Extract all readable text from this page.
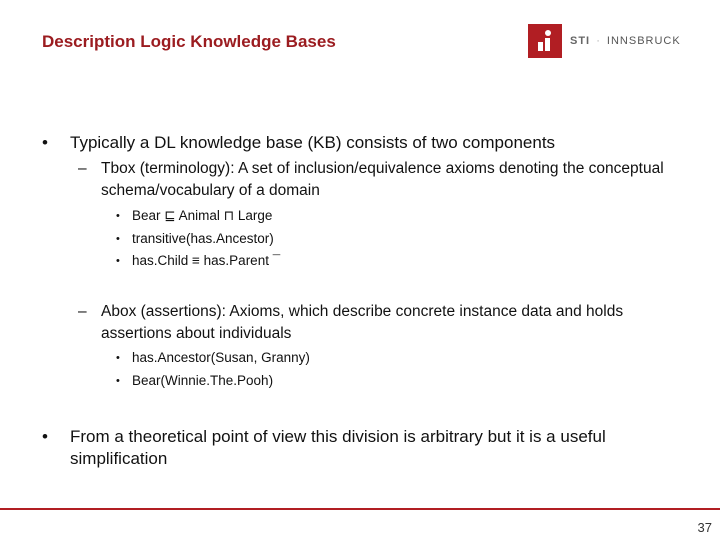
Description Logic Knowledge Bases	STI · INNSBRUCK
• Typically a DL knowledge base (KB) consists of two components
– Tbox (terminology): A set of inclusion/equivalence axioms denoting the conceptual schema/vocabulary of a domain
• Bear ⊑ Animal ⊓ Large
• transitive(has.Ancestor)
• has.Child ≡ has.Parent ¯
– Abox (assertions): Axioms, which describe concrete instance data and holds assertions about individuals
• has.Ancestor(Susan, Granny)
• Bear(Winnie.The.Pooh)
• From a theoretical point of view this division is arbitrary but it is a useful simplification
37
